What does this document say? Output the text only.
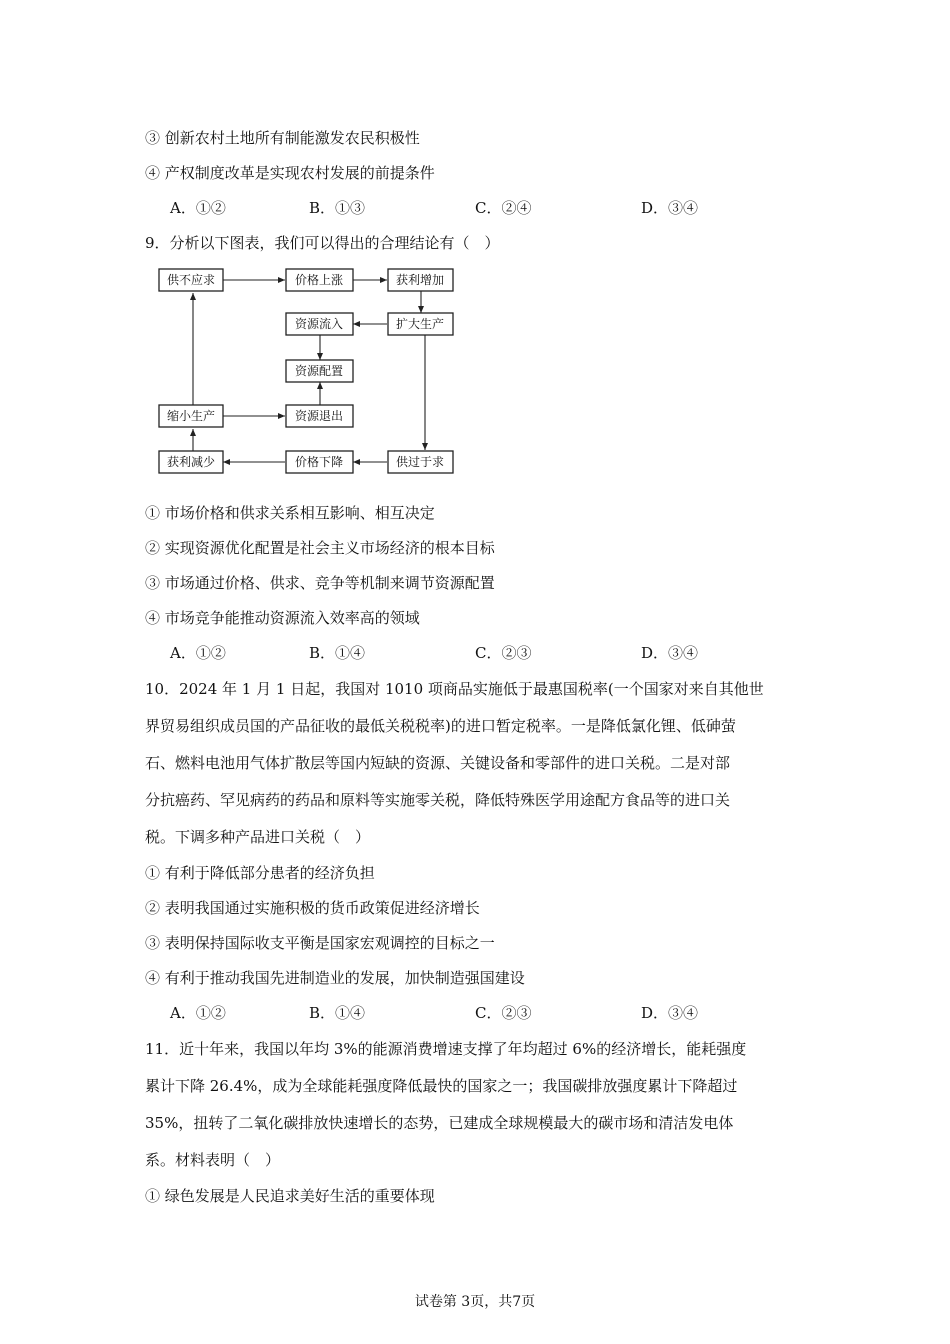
③ 创新农村土地所有制能激发农民积极性
④ 产权制度改革是实现农村发展的前提条件
A．①②	B．①③	C．②④	D．③④
9．分析以下图表，我们可以得出的合理结论有（　）
供不应求	价格上涨	获利增加
资源流入	扩大生产
资源配置
缩小生产	资源退出
获利减少	价格下降	供过于求
① 市场价格和供求关系相互影响、相互决定
② 实现资源优化配置是社会主义市场经济的根本目标
③ 市场通过价格、供求、竞争等机制来调节资源配置
④ 市场竞争能推动资源流入效率高的领域
A．①②	B．①④	C．②③	D．③④
10．2024 年 1 月 1 日起，我国对 1010 项商品实施低于最惠国税率(一个国家对来自其他世
界贸易组织成员国的产品征收的最低关税税率)的进口暂定税率。一是降低氯化锂、低砷萤
石、燃料电池用气体扩散层等国内短缺的资源、关键设备和零部件的进口关税。二是对部
分抗癌药、罕见病药的药品和原料等实施零关税，降低特殊医学用途配方食品等的进口关
税。下调多种产品进口关税（　）
① 有利于降低部分患者的经济负担
② 表明我国通过实施积极的货币政策促进经济增长
③ 表明保持国际收支平衡是国家宏观调控的目标之一
④ 有利于推动我国先进制造业的发展，加快制造强国建设
A．①②	B．①④	C．②③	D．③④
11．近十年来，我国以年均 3%的能源消费增速支撑了年均超过 6%的经济增长，能耗强度
累计下降 26.4%，成为全球能耗强度降低最快的国家之一；我国碳排放强度累计下降超过
35%，扭转了二氧化碳排放快速增长的态势，已建成全球规模最大的碳市场和清洁发电体
系。材料表明（　）
① 绿色发展是人民追求美好生活的重要体现
试卷第 3页，共7页
